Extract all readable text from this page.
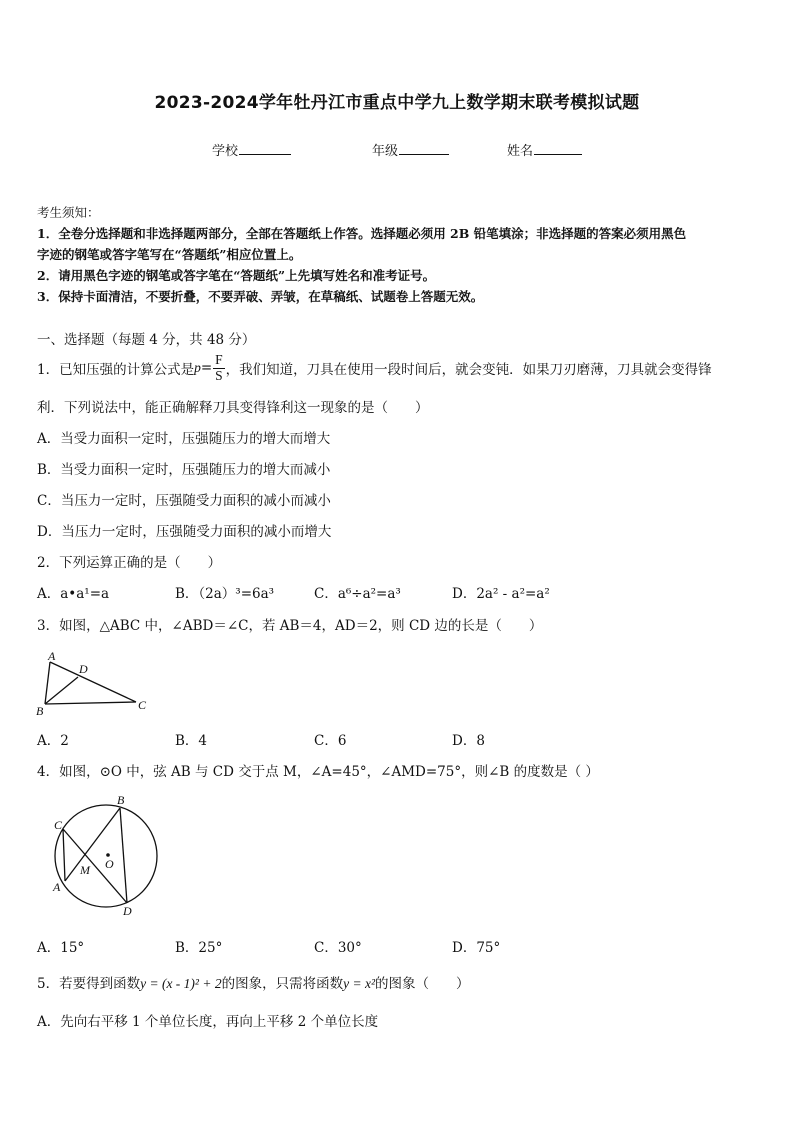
2023-2024学年牡丹江市重点中学九上数学期末联考模拟试题
学校	年级	姓名
考生须知：
1．全卷分选择题和非选择题两部分，全部在答题纸上作答。选择题必须用 2B 铅笔填涂；非选择题的答案必须用黑色
字迹的钢笔或答字笔写在“答题纸”相应位置上。
2．请用黑色字迹的钢笔或答字笔在“答题纸”上先填写姓名和准考证号。
3．保持卡面清洁，不要折叠，不要弄破、弄皱，在草稿纸、试题卷上答题无效。
一、选择题（每题 4 分，共 48 分）
1．已知压强的计算公式是 $p = \frac{F}{S}$ ，我们知道，刀具在使用一段时间后，就会变钝．如果刀刃磨薄，刀具就会变得锋
利．下列说法中，能正确解释刀具变得锋利这一现象的是（　　）
A．当受力面积一定时，压强随压力的增大而增大
B．当受力面积一定时，压强随压力的增大而减小
C．当压力一定时，压强随受力面积的减小而减小
D．当压力一定时，压强随受力面积的减小而增大
2．下列运算正确的是（　　）
A．a•a¹=a	B．（2a）³=6a³	C．a⁶÷a²=a³	D．2a² - a²=a²
3．如图，△ABC 中，∠ABD＝∠C，若 AB＝4，AD＝2，则 CD 边的长是（　　）
A
D
B	C
A．2	B．4	C．6	D．8
4．如图，⊙O 中，弦 AB 与 CD 交于点 M，∠A=45°，∠AMD=75°，则∠B 的度数是（ ）
B
C
O
M
A
D
A．15°	B．25°	C．30°	D．75°
5．若要得到函数y = (x - 1)² + 2的图象，只需将函数y = x²的图象（　　）
A．先向右平移 1 个单位长度，再向上平移 2 个单位长度
